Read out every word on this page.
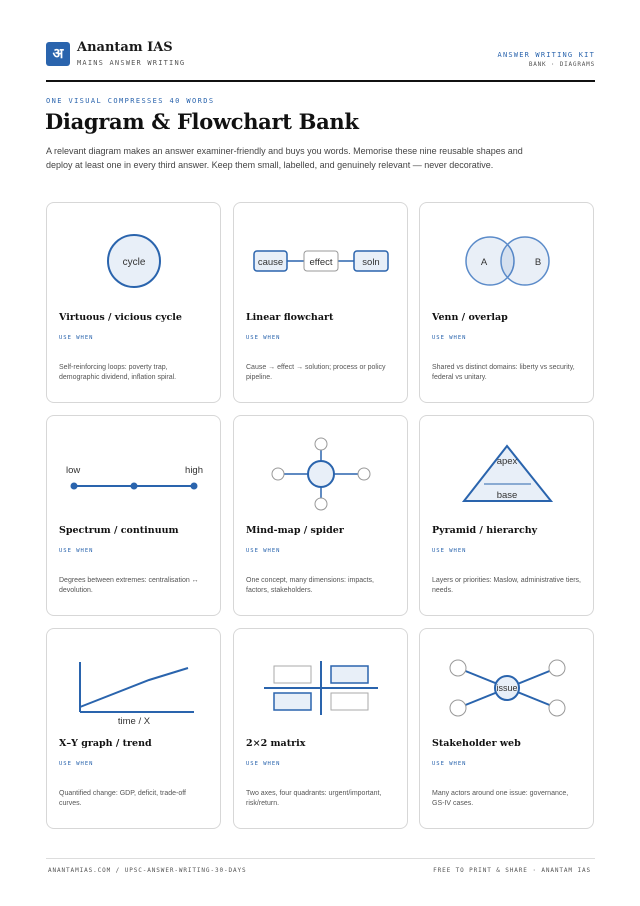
अ	Anantam IAS
MAINS ANSWER WRITING
ANSWER WRITING KIT
BANK · DIAGRAMS
ONE VISUAL COMPRESSES 40 WORDS
Diagram & Flowchart Bank

A relevant diagram makes an answer examiner-friendly and buys you words. Memorise these nine reusable shapes and deploy at least one in every third answer. Keep them small, labelled, and genuinely relevant — never decorative.

cycle
Virtuous / vicious cycle
USE WHEN
Self-reinforcing loops: poverty trap, demographic dividend, inflation spiral.
cause	effect	soln
Linear flowchart
USE WHEN
Cause → effect → solution; process or policy pipeline.
A	B
Venn / overlap
USE WHEN
Shared vs distinct domains: liberty vs security, federal vs unitary.
low	high
Spectrum / continuum
USE WHEN
Degrees between extremes: centralisation ↔ devolution.
Mind-map / spider
USE WHEN
One concept, many dimensions: impacts, factors, stakeholders.
apex
base
Pyramid / hierarchy
USE WHEN
Layers or priorities: Maslow, administrative tiers, needs.
time / X
X–Y graph / trend
USE WHEN
Quantified change: GDP, deficit, trade-off curves.
2×2 matrix
USE WHEN
Two axes, four quadrants: urgent/important, risk/return.
issue
Stakeholder web
USE WHEN
Many actors around one issue: governance, GS-IV cases.
ANANTAMIAS.COM / UPSC-ANSWER-WRITING-30-DAYS	FREE TO PRINT & SHARE · ANANTAM IAS
